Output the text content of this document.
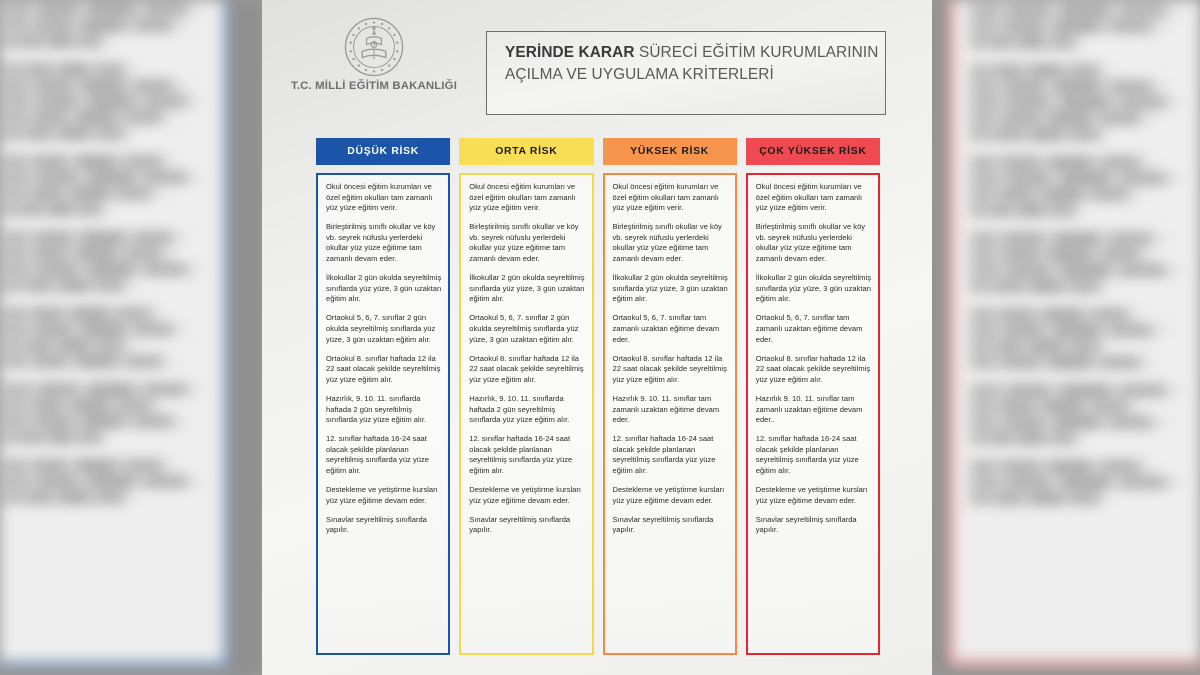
T.C. MİLLİ EĞİTİM BAKANLIĞI
YERİNDE KARAR SÜRECİ EĞİTİM KURUMLARININ AÇILMA VE UYGULAMA KRİTERLERİ
DÜŞÜK RİSK

Okul öncesi eğitim kurumları ve özel eğitim okulları tam zamanlı yüz yüze eğitim verir.

Birleştirilmiş sınıflı okullar ve köy vb. seyrek nüfuslu yerlerdeki okullar yüz yüze eğitime tam zamanlı devam eder.

İlkokullar 2 gün okulda seyreltilmiş sınıflarda yüz yüze, 3 gün uzaktan eğitim alır.

Ortaokul 5, 6, 7. sınıflar 2 gün okulda seyreltilmiş sınıflarda yüz yüze, 3 gün uzaktan eğitim alır.

Ortaokul 8. sınıflar haftada 12 ila 22 saat olacak şekilde seyreltilmiş yüz yüze eğitim alır.

Hazırlık, 9. 10. 11. sınıflarda haftada 2 gün seyreltilmiş sınıflarda yüz yüze eğitim alır.

12. sınıflar haftada 16-24 saat olacak şekilde planlanan seyreltilmiş sınıflarda yüz yüze eğitim alır.

Destekleme ve yetiştirme kursları yüz yüze eğitime devam eder.

Sınavlar seyreltilmiş sınıflarda yapılır.

ORTA RİSK

Okul öncesi eğitim kurumları ve özel eğitim okulları tam zamanlı yüz yüze eğitim verir.

Birleştirilmiş sınıflı okullar ve köy vb. seyrek nüfuslu yerlerdeki okullar yüz yüze eğitime tam zamanlı devam eder.

İlkokullar 2 gün okulda seyreltilmiş sınıflarda yüz yüze, 3 gün uzaktan eğitim alır.

Ortaokul 5, 6, 7. sınıflar 2 gün okulda seyreltilmiş sınıflarda yüz yüze, 3 gün uzaktan eğitim alır.

Ortaokul 8. sınıflar haftada 12 ila 22 saat olacak şekilde seyreltilmiş yüz yüze eğitim alır.

Hazırlık, 9. 10. 11. sınıflarda haftada 2 gün seyreltilmiş sınıflarda yüz yüze eğitim alır.

12. sınıflar haftada 16-24 saat olacak şekilde planlanan seyreltilmiş sınıflarda yüz yüze eğitim alır.

Destekleme ve yetiştirme kursları yüz yüze eğitime devam eder.

Sınavlar seyreltilmiş sınıflarda yapılır.

YÜKSEK RİSK

Okul öncesi eğitim kurumları ve özel eğitim okulları tam zamanlı yüz yüze eğitim verir.

Birleştirilmiş sınıflı okullar ve köy vb. seyrek nüfuslu yerlerdeki okullar yüz yüze eğitime tam zamanlı devam eder.

İlkokullar 2 gün okulda seyreltilmiş sınıflarda yüz yüze, 3 gün uzaktan eğitim alır.

Ortaokul 5, 6, 7. sınıflar tam zamanlı uzaktan eğitime devam eder.

Ortaokul 8. sınıflar haftada 12 ila 22 saat olacak şekilde seyreltilmiş yüz yüze eğitim alır.

Hazırlık 9. 10. 11. sınıflar tam zamanlı uzaktan eğitime devam eder.

12. sınıflar haftada 16-24 saat olacak şekilde planlanan seyreltilmiş sınıflarda yüz yüze eğitim alır.

Destekleme ve yetiştirme kursları yüz yüze eğitime devam eder.

Sınavlar seyreltilmiş sınıflarda yapılır.

ÇOK YÜKSEK RİSK

Okul öncesi eğitim kurumları ve özel eğitim okulları tam zamanlı yüz yüze eğitim verir.

Birleştirilmiş sınıflı okullar ve köy vb. seyrek nüfuslu yerlerdeki okullar yüz yüze eğitime tam zamanlı devam eder.

İlkokullar 2 gün okulda seyreltilmiş sınıflarda yüz yüze, 3 gün uzaktan eğitim alır.

Ortaokul 5, 6, 7. sınıflar tam zamanlı uzaktan eğitime devam eder.

Ortaokul 8. sınıflar haftada 12 ila 22 saat olacak şekilde seyreltilmiş yüz yüze eğitim alır.

Hazırlık 9. 10. 11. sınıflar tam zamanlı uzaktan eğitime devam eder..

12. sınıflar haftada 16-24 saat olacak şekilde planlanan seyreltilmiş sınıflarda yüz yüze eğitim alır.

Destekleme ve yetiştirme kursları yüz yüze eğitime devam eder.

Sınavlar seyreltilmiş sınıflarda yapılır.
